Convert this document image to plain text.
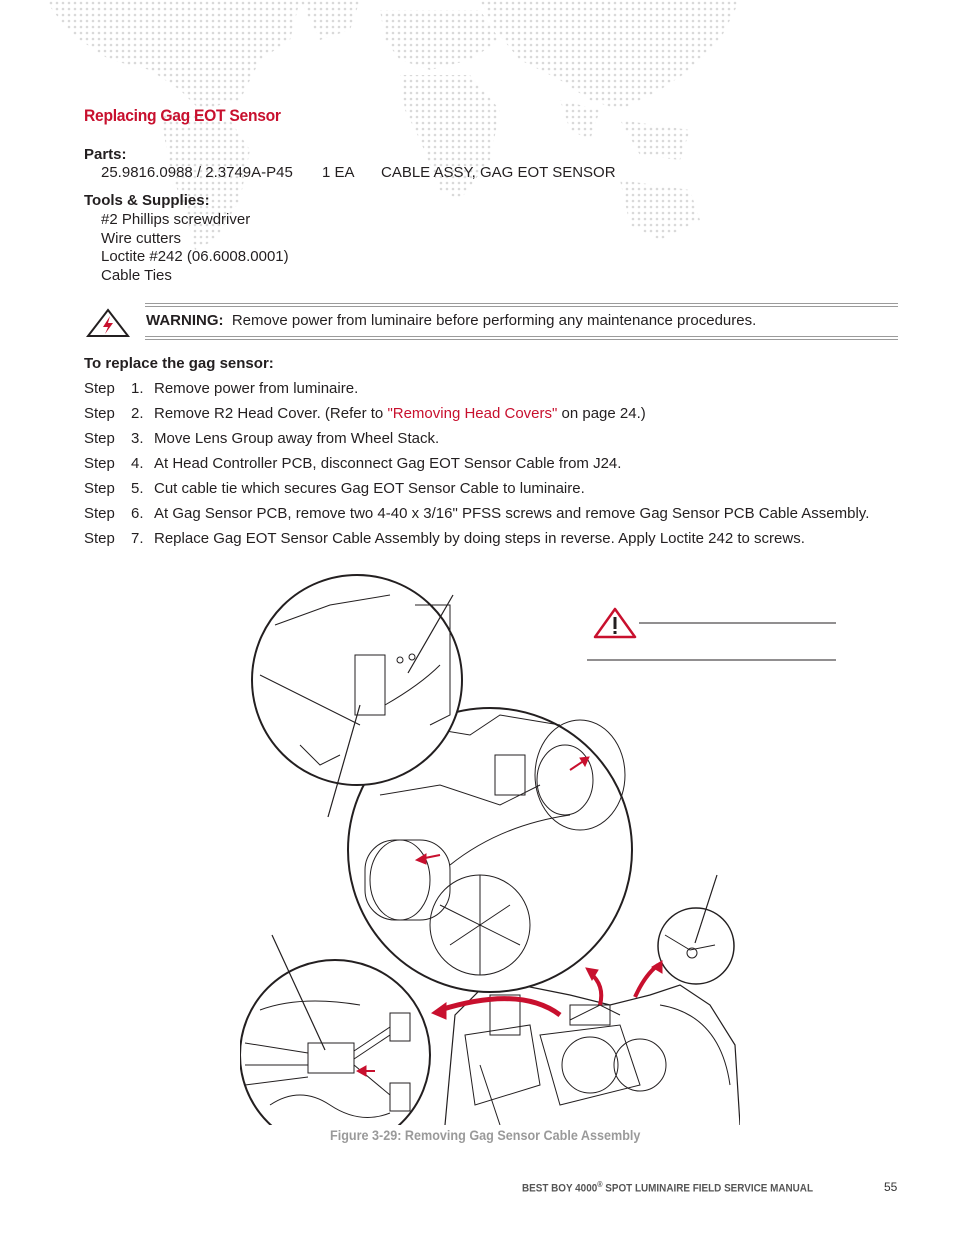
Replacing Gag EOT Sensor
Parts:
25.9816.0988 / 2.3749A-P45 1 EA CABLE ASSY, GAG EOT SENSOR
Tools & Supplies:
#2 Phillips screwdriver
Wire cutters
Loctite #242 (06.6008.0001)
Cable Ties
WARNING: Remove power from luminaire before performing any maintenance procedures.
To replace the gag sensor:
Step 1. Remove power from luminaire.
Step 2. Remove R2 Head Cover. (Refer to "Removing Head Covers" on page 24.)
Step 3. Move Lens Group away from Wheel Stack.
Step 4. At Head Controller PCB, disconnect Gag EOT Sensor Cable from J24.
Step 5. Cut cable tie which secures Gag EOT Sensor Cable to luminaire.
Step 6. At Gag Sensor PCB, remove two 4-40 x 3/16" PFSS screws and remove Gag Sensor PCB Cable Assembly.
Step 7. Replace Gag EOT Sensor Cable Assembly by doing steps in reverse. Apply Loctite 242 to screws.
Figure 3-29: Removing Gag Sensor Cable Assembly
BEST BOY 4000® SPOT LUMINAIRE FIELD SERVICE MANUAL	55
